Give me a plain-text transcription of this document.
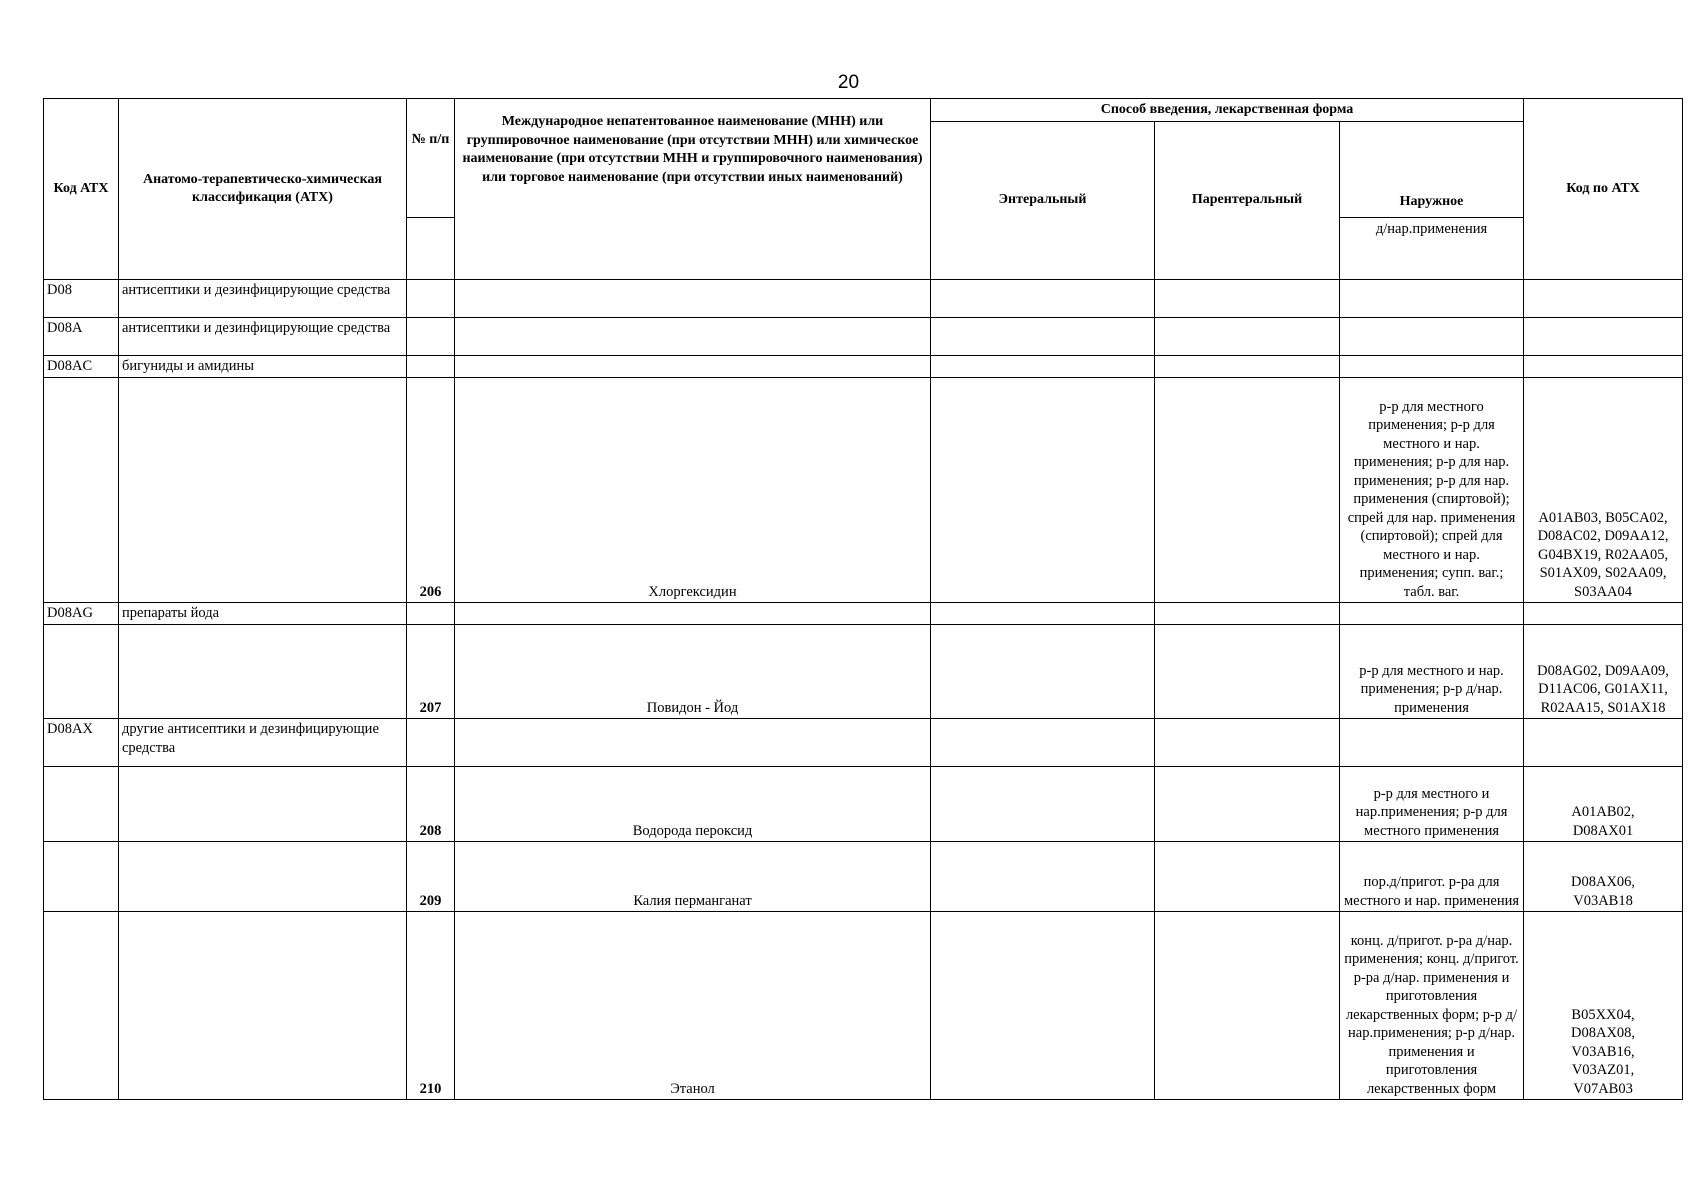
20
Код АТХ	Анатомо-терапевтическо-химическая классификация (АТХ)	№ п/п	Международное непатентованное наименование (МНН) или группировочное наименование (при отсутствии МНН) или химическое наименование (при отсутствии МНН и группировочного наименования) или торговое наименование (при отсутствии иных наименований)	Способ введения, лекарственная форма			Код по АТХ
				Энтеральный	Парентеральный	Наружное	
						д/нар.применения	
D08	антисептики и дезинфицирующие средства						
D08A	антисептики и дезинфицирующие средства						
D08AC	бигуниды и амидины						
		206	Хлоргексидин			р-р для местного применения; р-р для местного и нар. применения; р-р для нар. применения; р-р для нар. применения (спиртовой); спрей для нар. применения (спиртовой); спрей для местного и нар. применения; супп. ваг.; табл. ваг.	A01AB03, B05CA02, D08AC02, D09AA12, G04BX19, R02AA05, S01AX09, S02AA09, S03AA04
D08AG	препараты йода						
		207	Повидон - Йод			р-р для местного и нар. применения; р-р д/нар. применения	D08AG02, D09AA09, D11AC06, G01AX11, R02AA15, S01AX18
D08AX	другие антисептики и дезинфицирующие средства						
		208	Водорода пероксид			р-р для местного и нар.применения; р-р для местного применения	A01AB02, D08AX01
		209	Калия перманганат			пор.д/пригот. р-ра для местного и нар. применения	D08AX06, V03AB18
		210	Этанол			конц. д/пригот. р-ра д/нар. применения; конц. д/пригот. р-ра д/нар. применения и приготовления лекарственных форм; р-р д/нар.применения; р-р д/нар. применения и приготовления лекарственных форм	B05XX04, D08AX08, V03AB16, V03AZ01, V07AB03
